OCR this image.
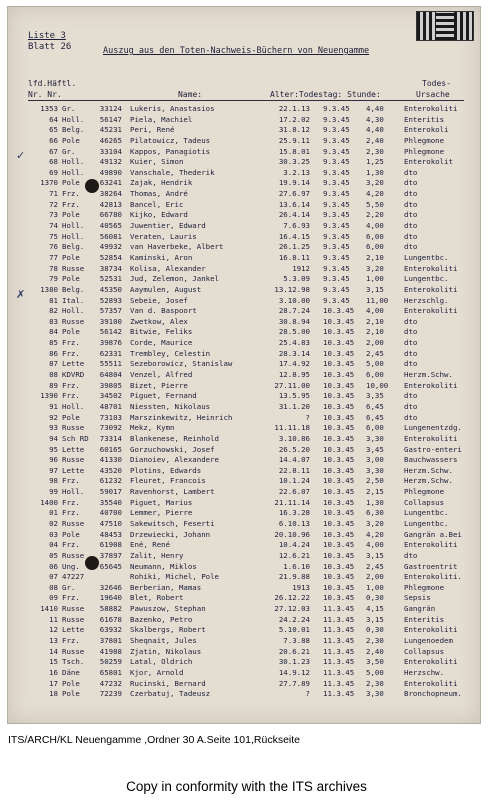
Liste 3
Blatt 26	Auszug aus den Toten-Nachweis-Büchern von Neuengamme
lfd.Häftl.
Nr. Nr.	Name:	Alter:Todestag: Stunde:
Todes-
Ursache
✓
✗
1353 Gr.	33124 Lukeris, Anastasios	22.1.13 9.3.45 4,40	Enterokoliti
64 Holl.	56147 Piela, Machiel	17.2.02 9.3.45 4,30	Enteritis
65 Belg.	45231 Peri, René	31.8.12 9.3.45 4,40	Enterokoli
66 Pole	46265 Pilatowicz, Tadeus	25.9.11 9.3.45 2,40	Phlegmone
67 Gr.	33104 Kappos, Panagiotis	15.8.01 9.3.45 2,30	Phlegmone
68 Holl.	49132 Kuier, Simon	30.3.25 9.3.45 1,25	Enterokolit
69 Holl.	49890 Vanschale, Thederik	3.2.13 9.3.45 1,30	dto
1370 Pole	63241 Zajak, Hendrik	19.9.14 9.3.45 3,20	dto
71 Frz.	38264 Thomas, André	27.6.97 9.3.45 4,20	dto
72 Frz.	42813 Bancel, Eric	13.6.14 9.3.45 5,50	dto
73 Pole	66780 Kijko, Edward	26.4.14 9.3.45 2,20	dto
74 Holl.	40565 Juwentier, Edward	7.6.93 9.3.45 4,00	dto
75 Holl.	56081 Veraten, Lauris	16.4.15 9.3.45 6,00	dto
76 Belg.	49932 van Haverbeke, Albert	26.1.25 9.3.45 6,00	dto
77 Pole	52854 Kaminski, Aron	16.8.11 9.3.45 2,10	Lungentbc.
78 Russe	38734 Kolisa, Alexander	1912 9.3.45 3,20	Enterokoliti
79 Pole	52531 Jud, Zelemon, Jankel	5.3.09 9.3.45 1,00	Lungentbc.
1380 Belg.	45350 Aaymulen, August	13.12.98 9.3.45 3,15	Enterokoliti
81 Ital.	52893 Sebeie, Josef	3.10.00 9.3.45 11,00 Herzschlg.
82 Holl.	57357 Van d. Baspoort	28.7.24 10.3.45 4,00	Enterokoliti
83 Russe	39100 Zwetkow, Alex	30.8.94 10.3.45 2,10	dto
84 Pole	56142 Bitwie, Feliks	28.5.00 10.3.45 2,10	dto
85 Frz.	39876 Corde, Maurice	25.4.83 10.3.45 2,00	dto
86 Frz.	62331 Trembley, Celestin	28.3.14 10.3.45 2,45	dto
87 Lette	55511 Sezeborowicz, Stanislaw	17.4.92 10.3.45 5,00	dto
88 KDVRD	64804 Venzel, Alfred	12.8.95 10.3.45 6,00	Herzm.Schw.
89 Frz.	39805 Bizet, Pierre	27.11.00 10.3.45 10,00 Enterokoliti
1390 Frz.	34502 Piguet, Fernand	13.5.95 10.3.45 3,35	dto
91 Holl.	48701 Niessten, Nikolaus	31.1.20 10.3.45 6,45	dto
92 Pole	73103 Marszinkewitz, Heinrich	? 10.3.45 6,45	dto
93 Russe	73092 Mekz, Kymn	11.11.18 10.3.45 6,00	Lungenentzdg.
94 Sch RD	73314 Blankenese, Reinhold	3.10.86 10.3.45 3,30	Enterokoliti
95 Lette	60165 Gorzuchowski, Josef	26.5.20 10.3.45 3,45	Gastro-enteri
96 Russe	41330 Dianoiev, Alexandere	14.4.07 10.3.45 3,00	Bauchwassers
97 Lette	43520 Plotins, Edwards	22.8.11 10.3.45 3,30	Herzm.Schw.
98 Frz.	61232 Fleuret, Francois	10.1.24 10.3.45 2,50	Herzm.Schw.
99 Holl.	59017 Ravenhorst, Lambert	22.6.07 10.3.45 2,15	Phlegmone
1400 Frz.	35540 Piguet, Marius	21.11.14 10.3.45 1,30	Collapsus
01 Frz.	40700 Lemmer, Pierre	16.3.28 10.3.45 6,30	Lungentbc.
02 Russe	47510 Sakewitsch, Feserti	6.10.13 10.3.45 3,20	Lungentbc.
03 Pole	48453 Drzewiecki, Johann	20.10.96 10.3.45 4,20	Gangrän a.Bei
04 Frz.	61908 Ené, René	10.4.24 10.3.45 4,00	Enterokoliti
05 Russe	37897 Zalit, Henry	12.6.21 10.3.45 3,15	dto
06 Ung.	65645 Neumann, Miklos	1.6.10 10.3.45 2,45	Gastroentrit
07 47227	Rohiki, Michel, Pole	21.9.88 10.3.45 2,00	Enterokoliti.
08 Gr.	32646 Berberian, Mamas	1913 10.3.45 1,00	Phlegmone
09 Frz.	19640 Blet, Robert	26.12.22 10.3.45 0,30	Sepsis
1410 Russe	58882 Pawuszow, Stephan	27.12.03 11.3.45 4,15	Gangrän
11 Russe	61678 Bazenko, Petro	24.2.24 11.3.45 3,15	Enteritis
12 Lette	63932 Skalbergs, Robert	5.10.01 11.3.45 0,30	Enterokoliti
13 Frz.	37801 Sheqnait, Jules	7.3.88 11.3.45 2,30	Lungenoedem
14 Russe	41988 Zjatin, Nikolaus	20.6.21 11.3.45 2,40	Collapsus
15 Tsch.	50259 Latal, Oldrich	30.1.23 11.3.45 3,50	Enterokoliti
16 Däne	65801 Kjor, Arnold	14.9.12 11.3.45 5,00	Herzschw.
17 Pole	47232 Rucinski, Bernard	27.7.89 11.3.45 2,30	Enterokoliti
18 Pole	72239 Czerbatuj, Tadeusz	? 11.3.45 3,30	Bronchopneum.
ITS/ARCH/KL Neuengamme ,Ordner 30 A.Seite 101,Rückseite
Copy in conformity with the ITS archives
